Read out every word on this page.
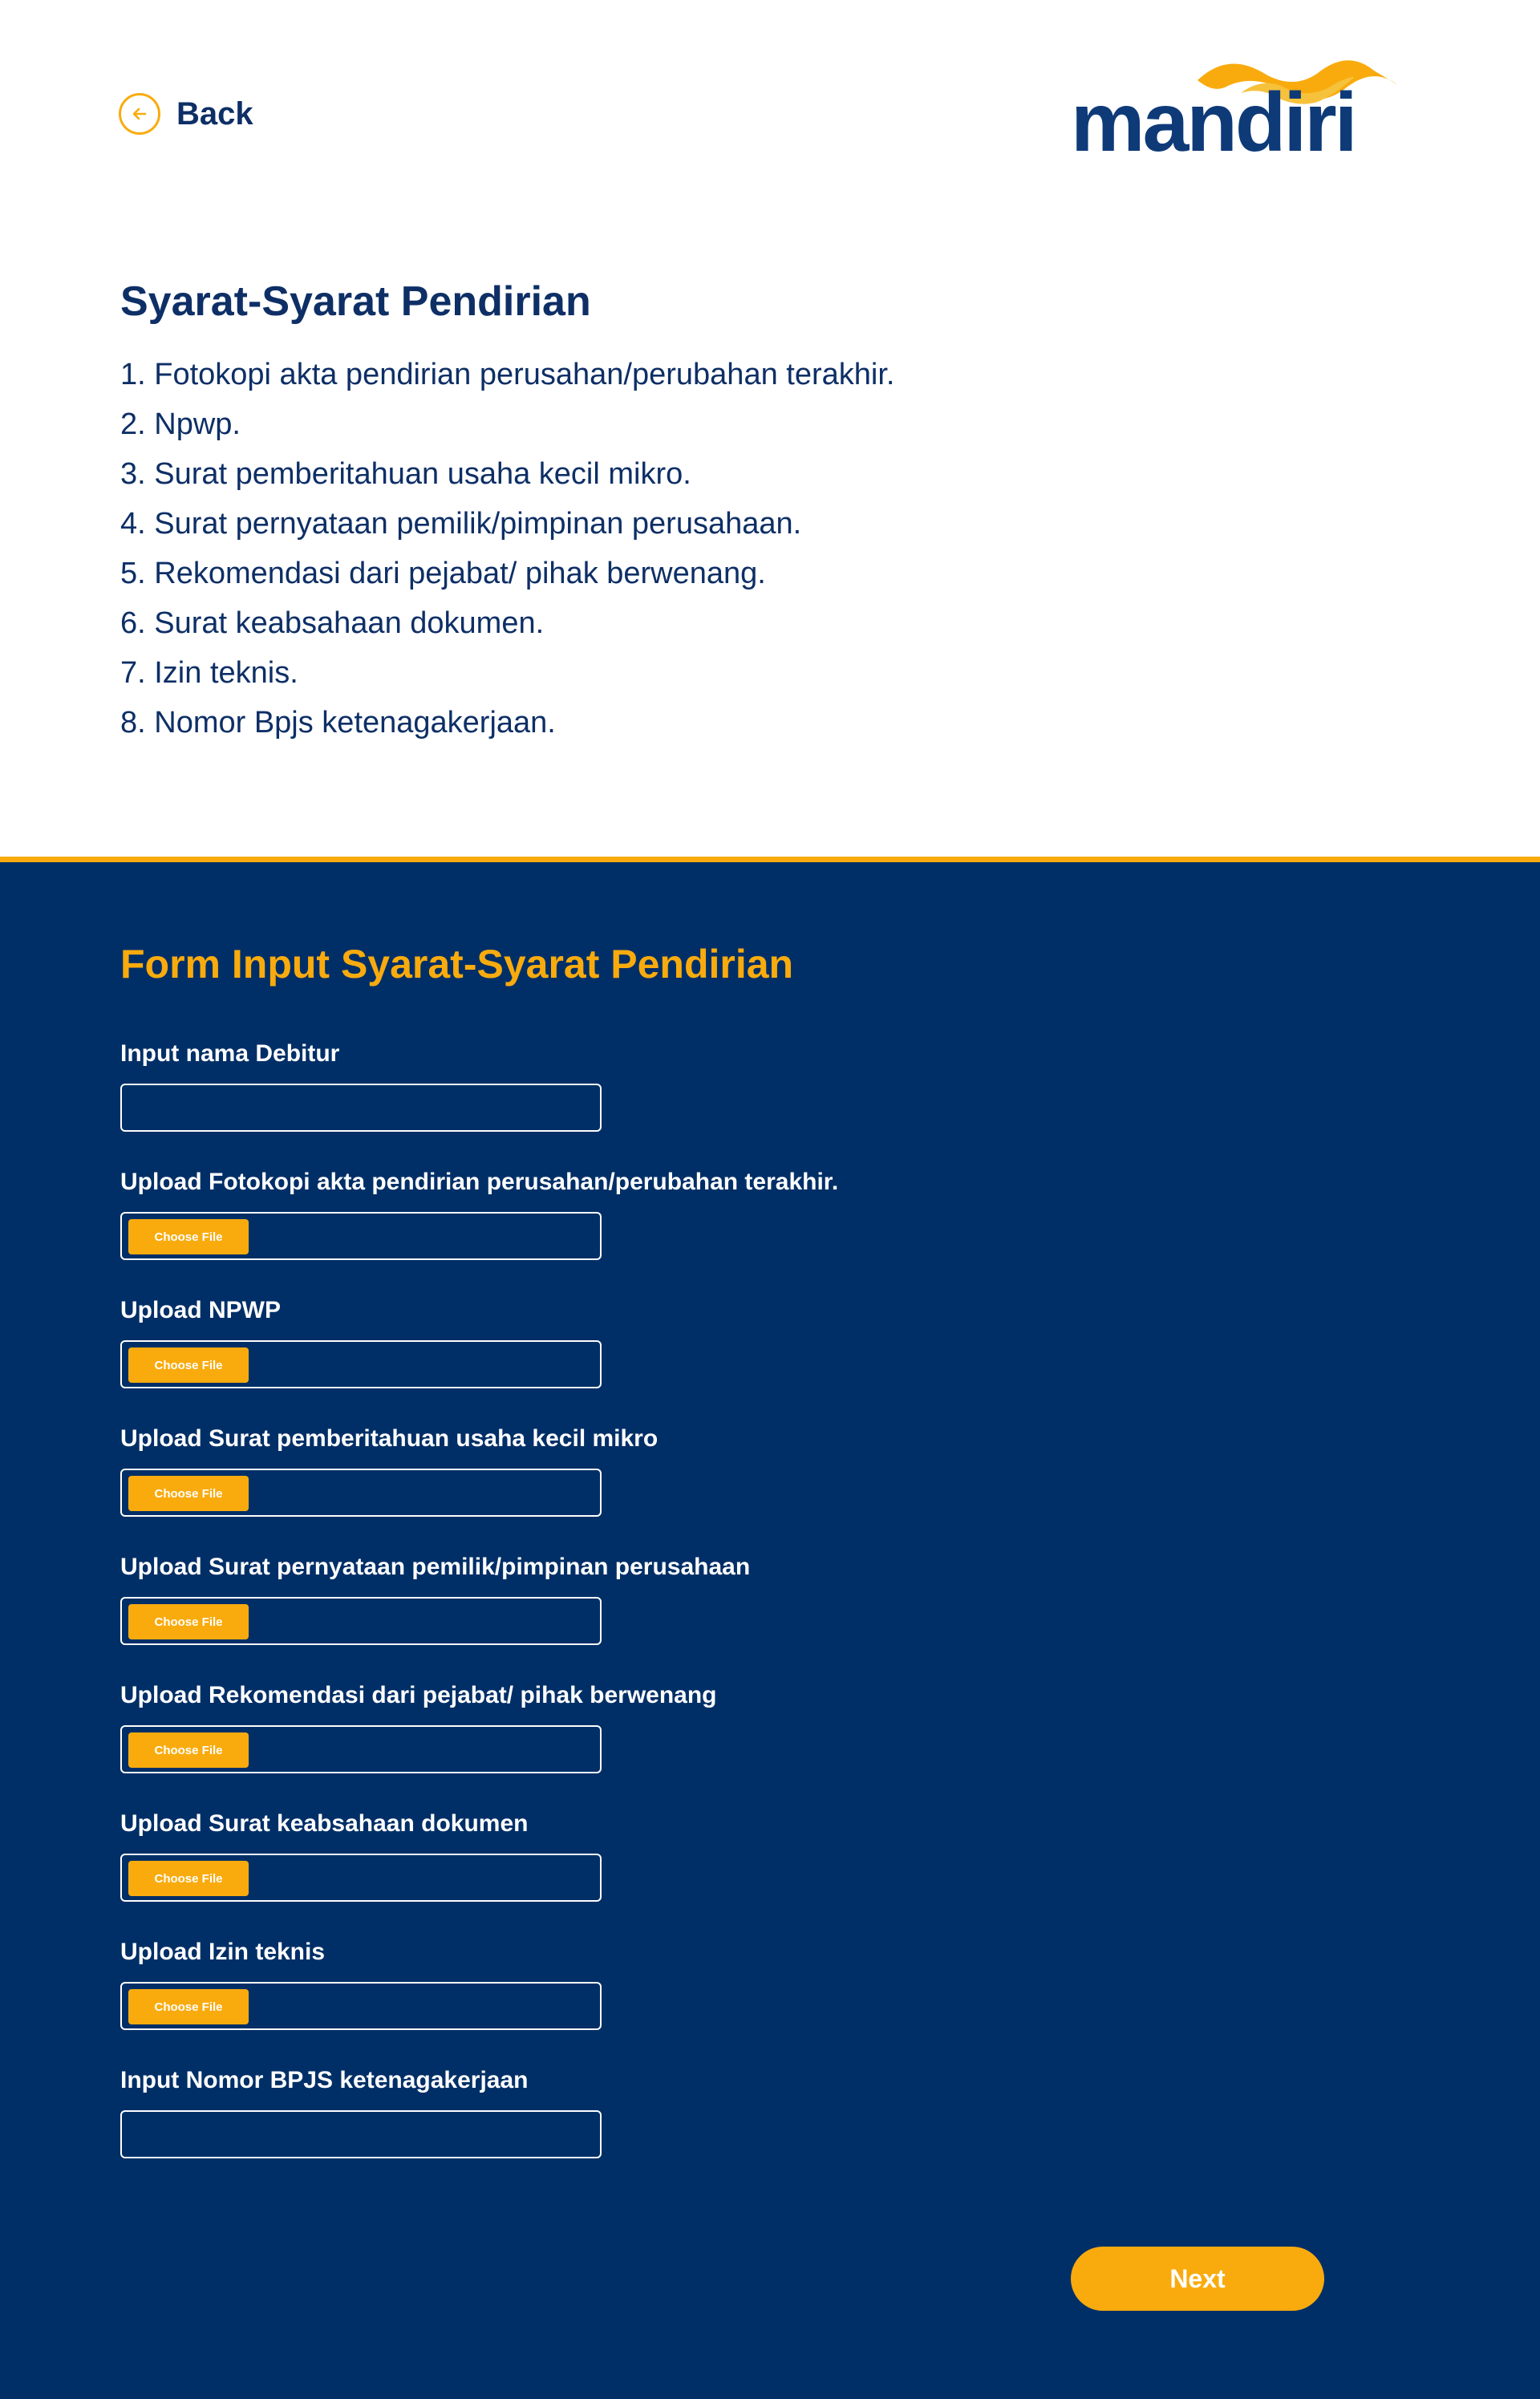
Back	mandiri
Syarat-Syarat Pendirian
1. Fotokopi akta pendirian perusahan/perubahan terakhir.
2. Npwp.
3. Surat pemberitahuan usaha kecil mikro.
4. Surat pernyataan pemilik/pimpinan perusahaan.
5. Rekomendasi dari pejabat/ pihak berwenang.
6. Surat keabsahaan dokumen.
7. Izin teknis.
8. Nomor Bpjs ketenagakerjaan.
Form Input Syarat-Syarat Pendirian
Input nama Debitur
Upload Fotokopi akta pendirian perusahan/perubahan terakhir.
Choose File
Upload NPWP
Choose File
Upload Surat pemberitahuan usaha kecil mikro
Choose File
Upload Surat pernyataan pemilik/pimpinan perusahaan
Choose File
Upload Rekomendasi dari pejabat/ pihak berwenang
Choose File
Upload Surat keabsahaan dokumen
Choose File
Upload Izin teknis
Choose File
Input Nomor BPJS ketenagakerjaan
Next
